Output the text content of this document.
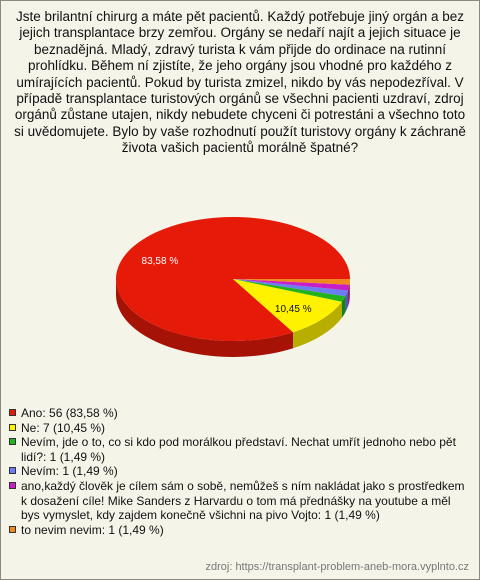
Jste brilantní chirurg a máte pět pacientů. Každý potřebuje jiný orgán a bez jejich transplantace brzy zemřou. Orgány se nedaří najít a jejich situace je beznadějná. Mladý, zdravý turista k vám přijde do ordinace na rutinní prohlídku. Během ní zjistíte, že jeho orgány jsou vhodné pro každého z umírajících pacientů. Pokud by turista zmizel, nikdo by vás nepodezříval. V případě transplantace turistových orgánů se všechni pacienti uzdraví, zdroj orgánů zůstane utajen, nikdy nebudete chyceni či potrestáni a všechno toto si uvědomujete. Bylo by vaše rozhodnutí použít turistovy orgány k záchraně života vašich pacientů morálně špatné?
83,58 %
10,45 %
Ano: 56 (83,58 %)
Ne: 7 (10,45 %)
Nevím, jde o to, co si kdo pod morálkou představí. Nechat umřít jednoho nebo pět lidí?: 1 (1,49 %)
Nevím: 1 (1,49 %)
ano,každý člověk je cílem sám o sobě, nemůžeš s ním nakládat jako s prostředkem k dosažení cíle! Mike Sanders z Harvardu o tom má přednášky na youtube a měl bys vymyslet, kdy zajdem konečně všichni na pivo Vojto: 1 (1,49 %)
to nevim nevim: 1 (1,49 %)
zdroj: https://transplant-problem-aneb-mora.vyplnto.cz
